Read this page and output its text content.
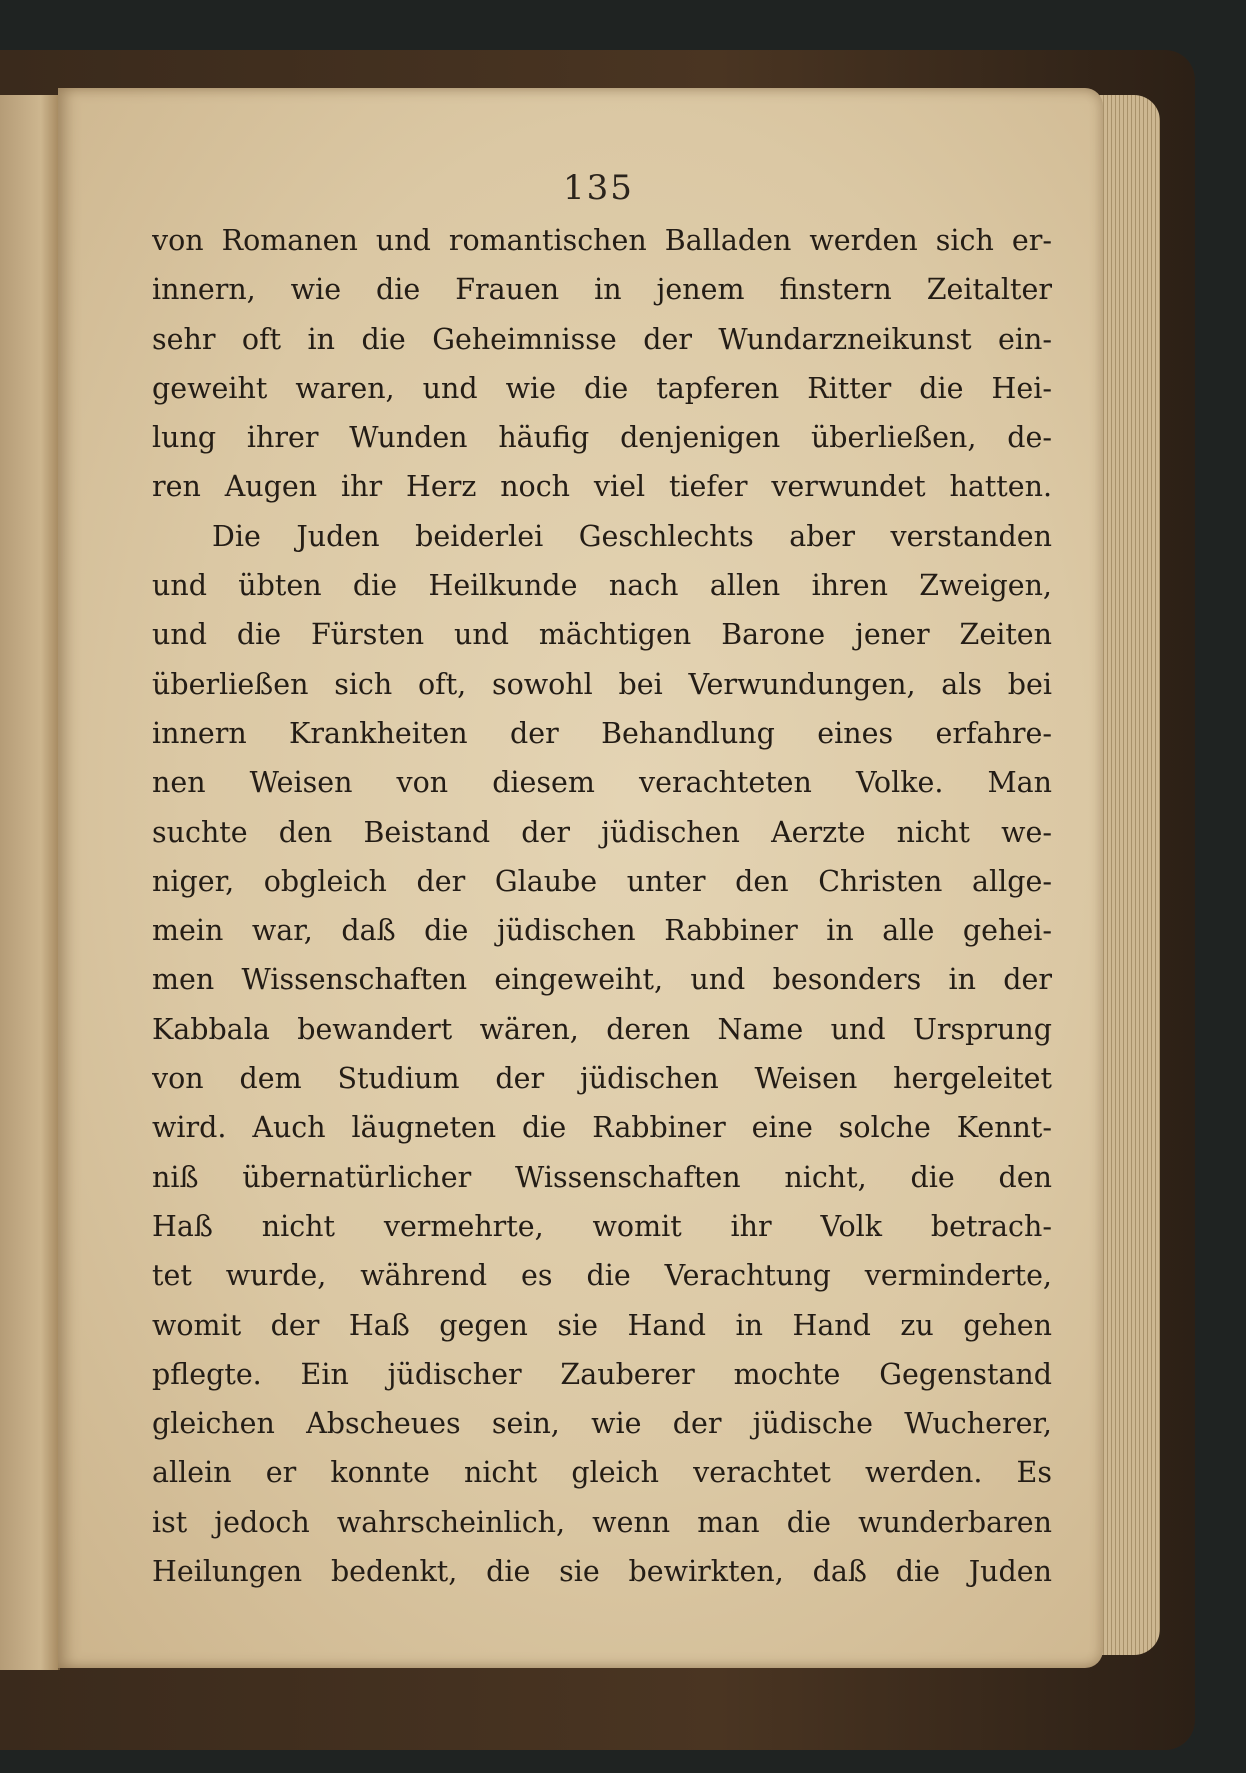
135
von Romanen und romantischen Balladen werden sich er-
innern, wie die Frauen in jenem finstern Zeitalter
sehr oft in die Geheimnisse der Wundarzneikunst ein-
geweiht waren, und wie die tapferen Ritter die Hei-
lung ihrer Wunden häufig denjenigen überließen, de-
ren Augen ihr Herz noch viel tiefer verwundet hatten.
Die Juden beiderlei Geschlechts aber verstanden
und übten die Heilkunde nach allen ihren Zweigen,
und die Fürsten und mächtigen Barone jener Zeiten
überließen sich oft, sowohl bei Verwundungen, als bei
innern Krankheiten der Behandlung eines erfahre-
nen Weisen von diesem verachteten Volke. Man
suchte den Beistand der jüdischen Aerzte nicht we-
niger, obgleich der Glaube unter den Christen allge-
mein war, daß die jüdischen Rabbiner in alle gehei-
men Wissenschaften eingeweiht, und besonders in der
Kabbala bewandert wären, deren Name und Ursprung
von dem Studium der jüdischen Weisen hergeleitet
wird. Auch läugneten die Rabbiner eine solche Kennt-
niß übernatürlicher Wissenschaften nicht, die den
Haß nicht vermehrte, womit ihr Volk betrach-
tet wurde, während es die Verachtung verminderte,
womit der Haß gegen sie Hand in Hand zu gehen
pflegte. Ein jüdischer Zauberer mochte Gegenstand
gleichen Abscheues sein, wie der jüdische Wucherer,
allein er konnte nicht gleich verachtet werden. Es
ist jedoch wahrscheinlich, wenn man die wunderbaren
Heilungen bedenkt, die sie bewirkten, daß die Juden
